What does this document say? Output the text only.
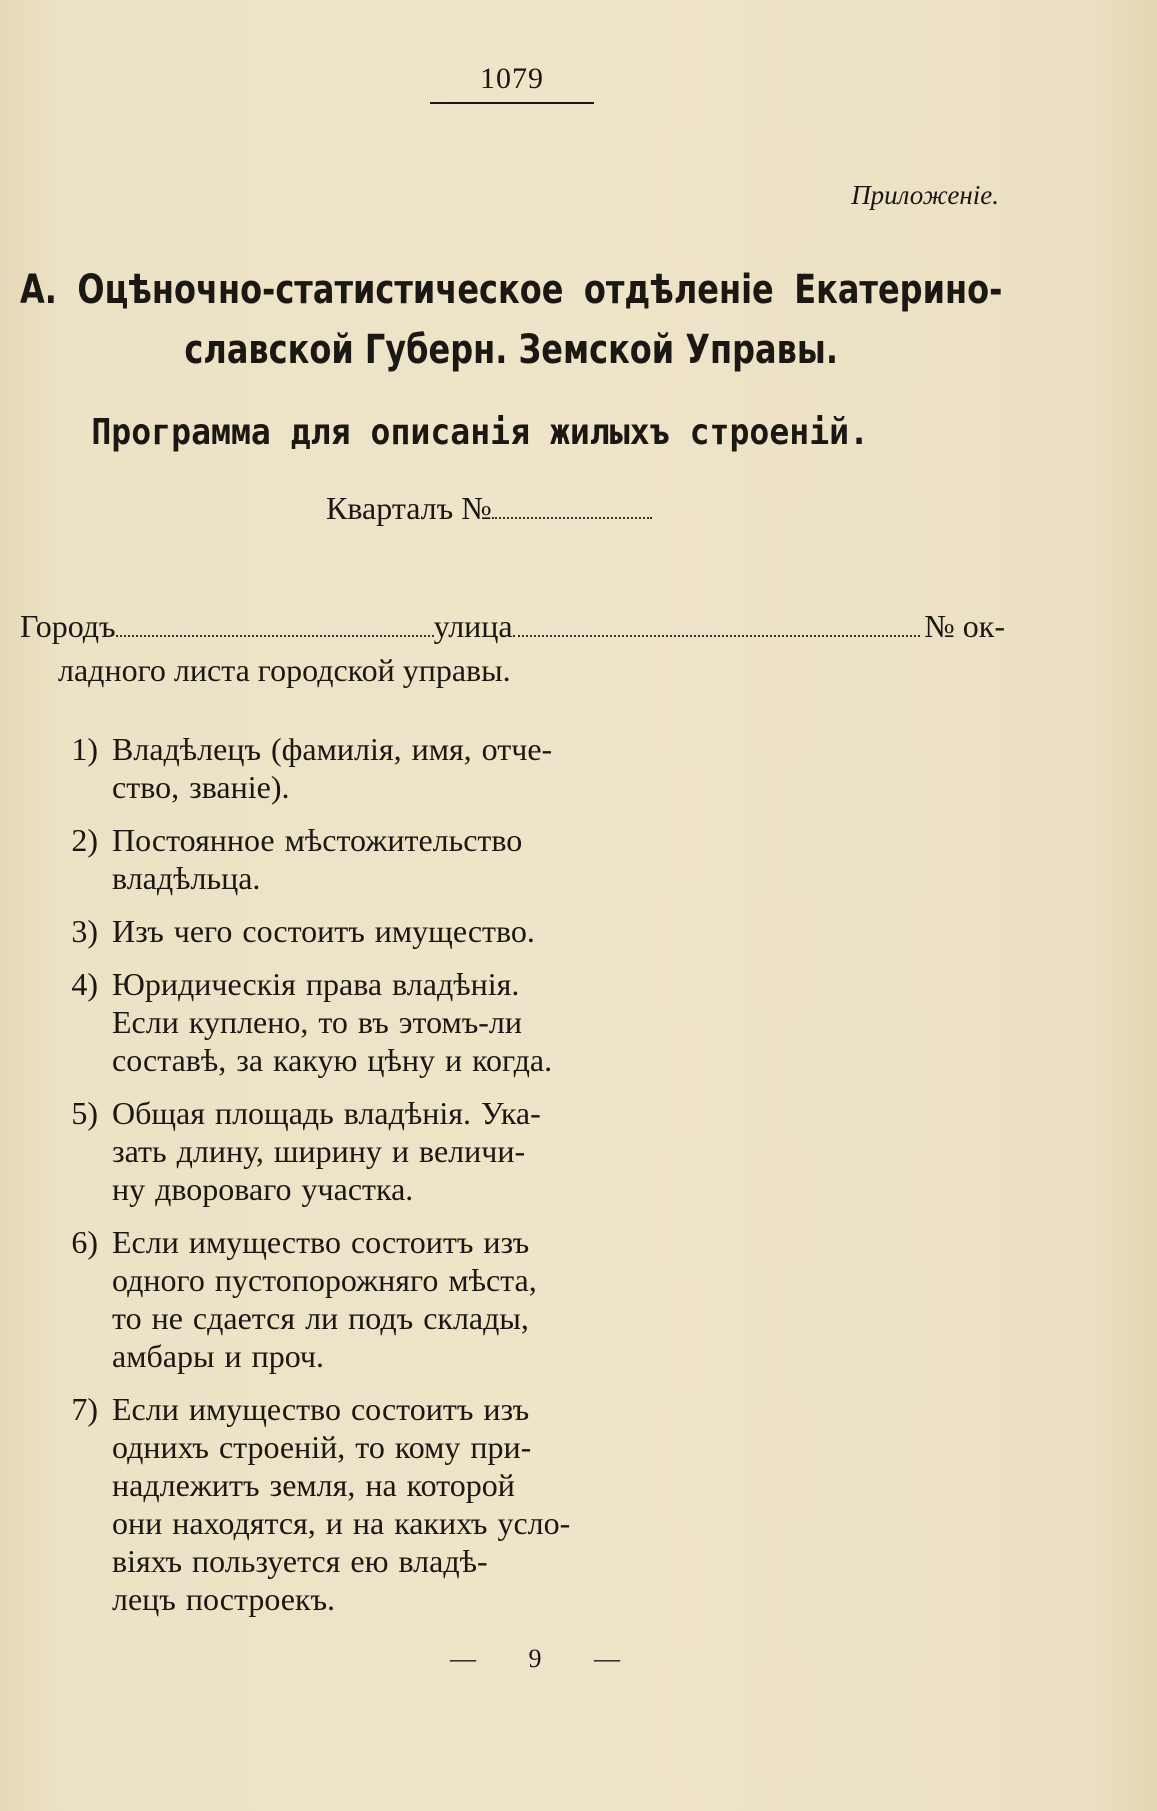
1079
Приложеніе.
А. Оцѣночно-статистическое отдѣленіе Екатерино-
славской Губерн. Земской Управы.
Программа для описанія жилыхъ строеній.
Кварталъ №
Городъ	улица	№ ок-
ладного листа городской управы.
1) Владѣлецъ (фамилія, имя, отче-
ство, званіе).
2) Постоянное мѣстожительство
владѣльца.
3) Изъ чего состоитъ имущество.
4) Юридическія права владѣнія.
Если куплено, то въ этомъ-ли
составѣ, за какую цѣну и когда.
5) Общая площадь владѣнія. Ука-
зать длину, ширину и величи-
ну двороваго участка.
6) Если имущество состоитъ изъ
одного пустопорожняго мѣста,
то не сдается ли подъ склады,
амбары и проч.
7) Если имущество состоитъ изъ
однихъ строеній, то кому при-
надлежитъ земля, на которой
они находятся, и на какихъ усло-
віяхъ пользуется ею владѣ-
лецъ построекъ.
— 9 —
